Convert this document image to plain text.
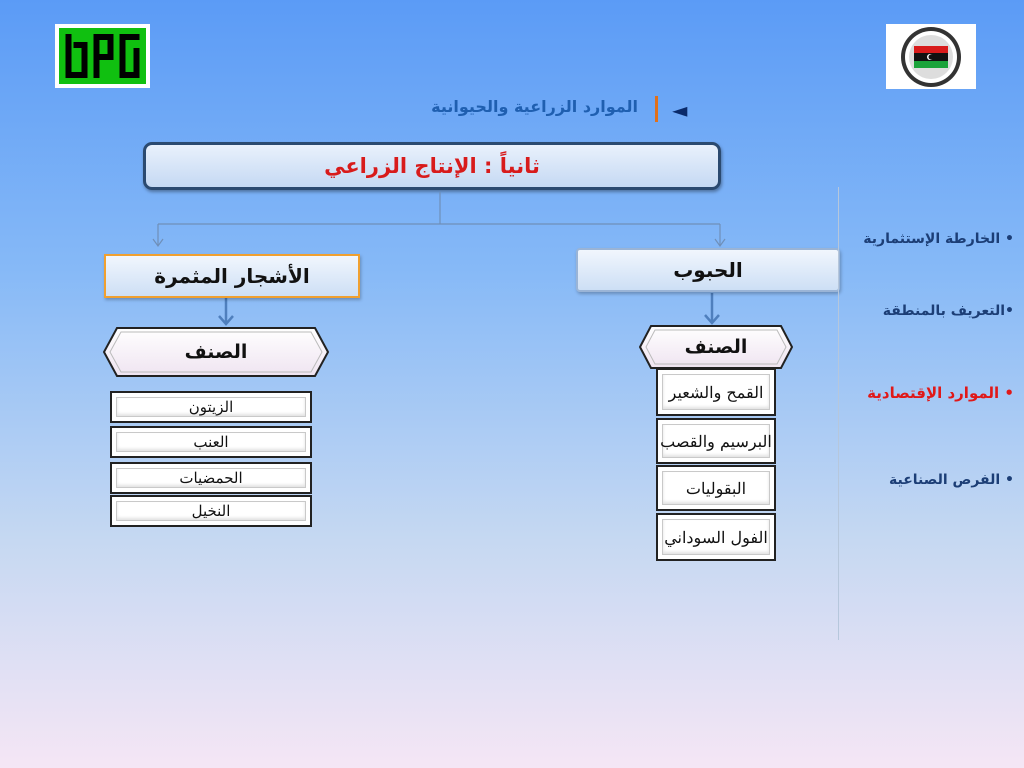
◄
الموارد الزراعية والحيوانية
ثانياً : الإنتاج الزراعي
الحبوب
الأشجار المثمرة
الصنف	الصنف
الزيتون
العنب
الحمضيات
النخيل
القمح والشعير
البرسيم والقصب
البقوليات
الفول السوداني
• الخارطة الإستثمارية
•التعريف بالمنطقة
• الموارد الإقتصادية
• الفرص الصناعية
